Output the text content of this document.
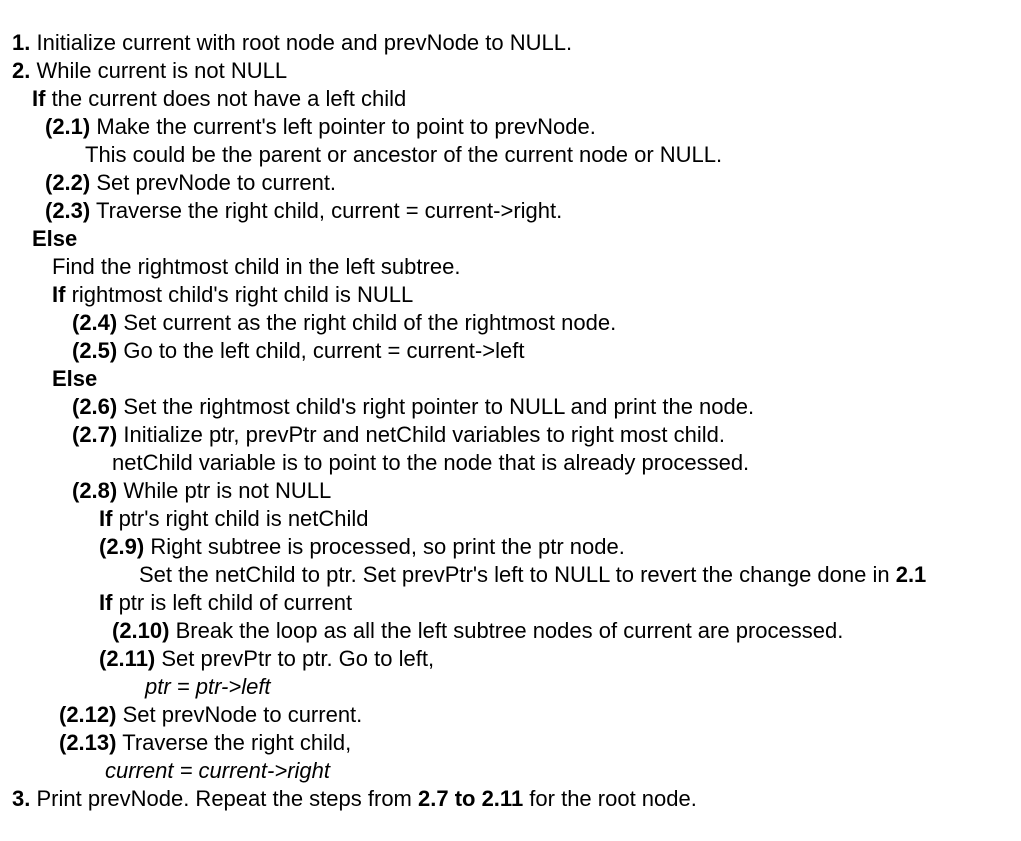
1. Initialize current with root node and prevNode to NULL.
2. While current is not NULL
If the current does not have a left child
(2.1) Make the current's left pointer to point to prevNode.
This could be the parent or ancestor of the current node or NULL.
(2.2) Set prevNode to current.
(2.3) Traverse the right child, current = current->right.
Else
Find the rightmost child in the left subtree.
If rightmost child's right child is NULL
(2.4) Set current as the right child of the rightmost node.
(2.5) Go to the left child, current = current->left
Else
(2.6) Set the rightmost child's right pointer to NULL and print the node.
(2.7) Initialize ptr, prevPtr and netChild variables to right most child.
netChild variable is to point to the node that is already processed.
(2.8) While ptr is not NULL
If ptr's right child is netChild
(2.9) Right subtree is processed, so print the ptr node.
Set the netChild to ptr. Set prevPtr's left to NULL to revert the change done in 2.1
If ptr is left child of current
(2.10) Break the loop as all the left subtree nodes of current are processed.
(2.11) Set prevPtr to ptr. Go to left,
ptr = ptr->left
(2.12) Set prevNode to current.
(2.13) Traverse the right child,
current = current->right
3. Print prevNode. Repeat the steps from 2.7 to 2.11 for the root node.
